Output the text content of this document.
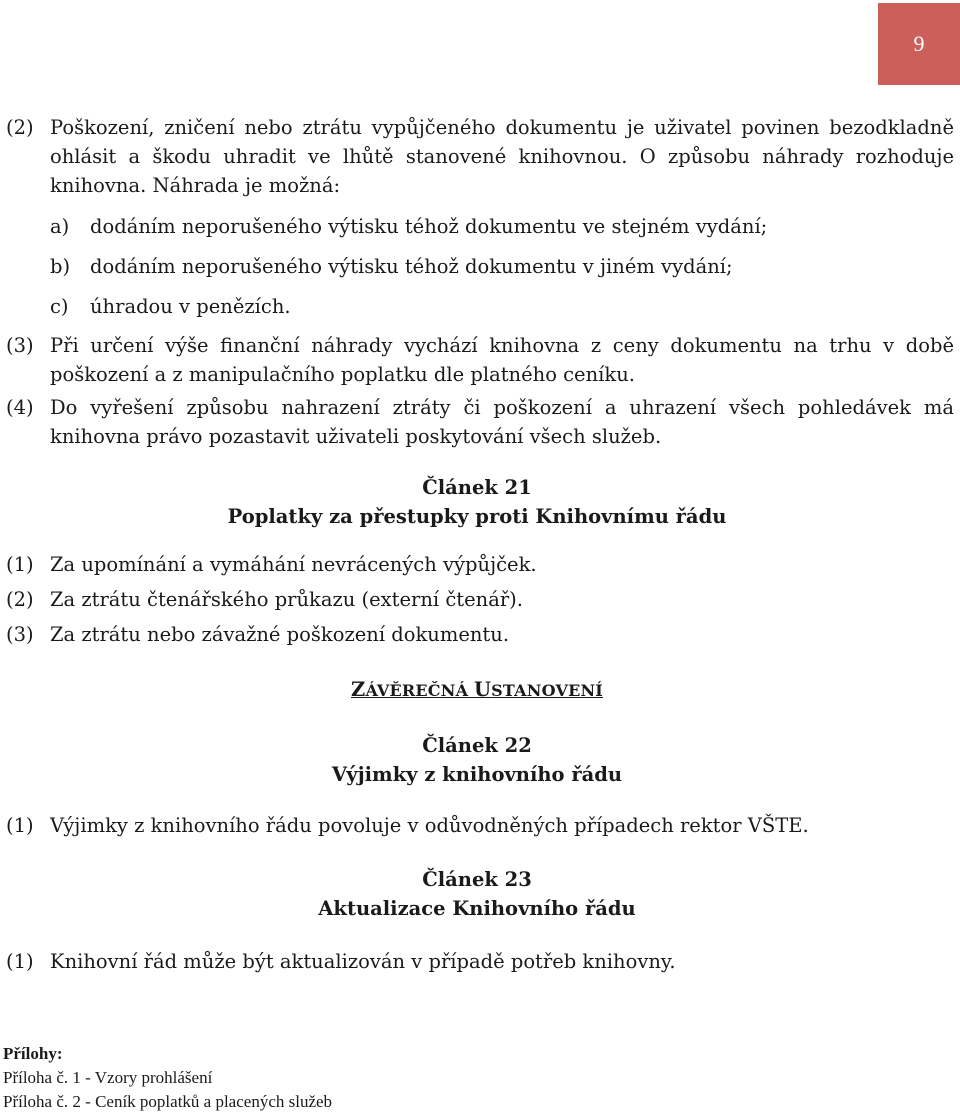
9
(2) Poškození, zničení nebo ztrátu vypůjčeného dokumentu je uživatel povinen bezodkladně ohlásit a škodu uhradit ve lhůtě stanovené knihovnou. O způsobu náhrady rozhoduje knihovna. Náhrada je možná:
a)	dodáním neporušeného výtisku téhož dokumentu ve stejném vydání;
b)	dodáním neporušeného výtisku téhož dokumentu v jiném vydání;
c)	úhradou v penězích.
(3) Při určení výše finanční náhrady vychází knihovna z ceny dokumentu na trhu v době poškození a z manipulačního poplatku dle platného ceníku.
(4) Do vyřešení způsobu nahrazení ztráty či poškození a uhrazení všech pohledávek má knihovna právo pozastavit uživateli poskytování všech služeb.
Článek 21
Poplatky za přestupky proti Knihovnímu řádu
(1) Za upomínání a vymáhání nevrácených výpůjček.
(2) Za ztrátu čtenářského průkazu (externí čtenář).
(3) Za ztrátu nebo závažné poškození dokumentu.
ZÁVĚREČNÁ USTANOVENÍ
Článek 22
Výjimky z knihovního řádu
(1) Výjimky z knihovního řádu povoluje v odůvodněných případech rektor VŠTE.
Článek 23
Aktualizace Knihovního řádu
(1) Knihovní řád může být aktualizován v případě potřeb knihovny.
Přílohy:
Příloha č. 1 - Vzory prohlášení
Příloha č. 2 - Ceník poplatků a placených služeb
